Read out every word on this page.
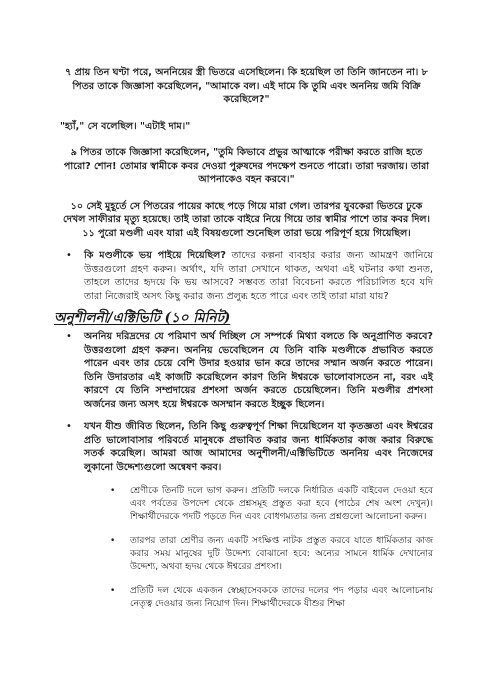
৭ প্রায় তিন ঘণ্টা পরে, অননিয়ের স্ত্রী ভিতরে এসেছিলেন। কি হয়েছিল তা তিনি জানতেন না। ৮ পিতর তাকে জিজ্ঞাসা করেছিলেন, "আমাকে বল। এই দামে কি তুমি এবং অননিয় জমি বিক্রি করেছিলে?"

"হ্যাঁ," সে বলেছিল। "এটাই দাম।"

৯ পিতর তাকে জিজ্ঞাসা করেছিলেন, "তুমি কিভাবে প্রভুর আত্মাকে পরীক্ষা করতে রাজি হতে পারো? শোন! তোমার স্বামীকে কবর দেওয়া পুরুষদের পদক্ষেপ শুনতে পারো। তারা দরজায়। তারা আপনাকেও বহন করবে।"

১০ সেই মুহূর্তে সে পিতরের পায়ের কাছে পড়ে গিয়ে মারা গেল। তারপর যুবকেরা ভিতরে ঢুকে দেখল সাফীরার মৃত্যু হয়েছে। তাই তারা তাকে বাইরে নিয়ে গিয়ে তার স্বামীর পাশে তার কবর দিল। ১১ পুরো মণ্ডলী এবং যারা এই বিষয়গুলো শুনেছিল তারা ভয়ে পরিপূর্ণ হয়ে গিয়েছিল।

• কি মণ্ডলীকে ভয় পাইয়ে দিয়েছিল? তাদের কল্পনা ব্যবহার করার জন্য আমন্ত্রণ জানিয়ে উত্তরগুলো গ্রহণ করুন। অর্থাৎ, যদি তারা সেখানে থাকত, অথবা এই ঘটনার কথা শুনত, তাহলে তাদের হৃদয়ে কি ভয় আসবে? সম্ভবত তারা বিবেচনা করতে পরিচালিত হবে যদি তারা নিজেরাই অসৎ কিছু করার জন্য প্রলুব্ধ হতে পারে এবং তাই তারা মারা যায়?

অনুশীলনী/এক্টিভিটি (১০ মিনিট)
• অননিয় দরিদ্রদের যে পরিমাণ অর্থ দিচ্ছিল সে সম্পর্কে মিথ্যা বলতে কি অনুপ্রাণিত করবে? উত্তরগুলো গ্রহণ করুন। অননিয় ভেবেছিলেন যে তিনি বাকি মণ্ডলীকে প্রভাবিত করতে পারেন এবং তার চেয়ে বেশি উদার হওয়ার ভান করে তাদের সম্মান অর্জন করতে পারেন। তিনি উদারতার এই কাজটি করেছিলেন কারণ তিনি ঈশ্বরকে ভালোবাসতেন না, বরং এই কারণে যে তিনি সম্প্রদায়ের প্রশংসা অর্জন করতে চেয়েছিলেন। তিনি মণ্ডলীর প্রশংসা অর্জনের জন্য অসৎ হয়ে ঈশ্বরকে অসম্মান করতে ইচ্ছুক ছিলেন।

• যখন যীশু জীবিত ছিলেন, তিনি কিছু গুরুত্বপূর্ণ শিক্ষা দিয়েছিলেন যা কৃতজ্ঞতা এবং ঈশ্বরের প্রতি ভালোবাসার পরিবর্তে মানুষকে প্রভাবিত করার জন্য ধার্মিকতার কাজ করার বিরুদ্ধে সতর্ক করেছিল। আমরা আজ আমাদের অনুশীলনী/এক্টিভিটিতে অননিয় এবং নিজেদের লুকানো উদ্দেশ্যগুলো অন্বেষণ করব।

• শ্রেণীকে তিনটি দলে ভাগ করুন। প্রতিটি দলকে নির্ধারিত একটি বাইবেল দেওয়া হবে এবং পর্বতের উপদেশ থেকে প্রশ্নসমূহ প্রস্তুত করা হবে (পাঠের শেষ অংশ দেখুন)। শিক্ষার্থীদেরকে পদটি পড়তে দিন এবং বোধগম্যতার জন্য প্রশ্নগুলো আলোচনা করুন।

• তারপর তারা শ্রেণীর জন্য একটি সংক্ষিপ্ত নাটক প্রস্তুত করবে যাতে ধার্মিকতার কাজ করার সময় মানুষের দুটি উদ্দেশ্য বোঝানো হবে: অন্যের সামনে ধার্মিক দেখানোর উদ্দেশ্য, অথবা হৃদয় থেকে ঈশ্বরের প্রশংসা।

• প্রতিটি দল থেকে একজন স্বেচ্ছাসেবককে তাদের দলের পদ পড়ার এবং আলোচনায় নেতৃত্ব দেওয়ার জন্য নিয়োগ দিন। শিক্ষার্থীদেরকে যীশুর শিক্ষা
